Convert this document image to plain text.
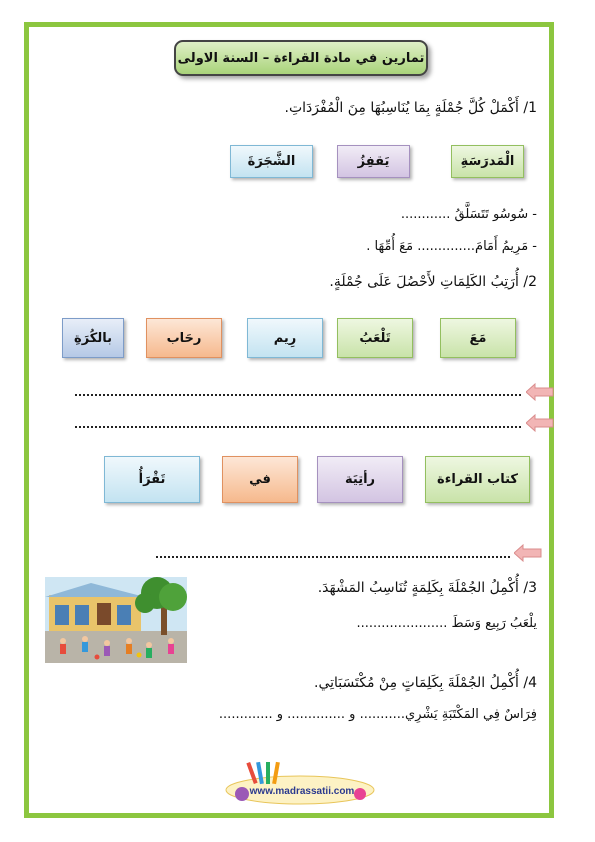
تمارين في مادة القراءة – السنة الاولى
1/ أَكْمَلْ كُلَّ جُمْلَةٍ بِمَا يُنَاسِبُهَا مِنَ الْمُفْرَدَاتِ.
الْمَدرَسَةِ
يَقفِزُ
الشَّجَرَةَ
- سُوسُو تَتَسَلَّقُ ............
- مَرِيمُ أَمَامَ.............. مَعَ أُمِّهَا .
2/ أُرَتِبُ الكَلِمَاتِ لأَحْصُلَ عَلَى جُمْلَةٍ.
مَعَ
تَلْعَبُ
رِيم
رحَاب
بالكُرَةِ
كتاب القراءة
رأتِيَة
في
تَقْرَأُ
3/ أُكْمِلُ الجُمْلَةَ بِكَلِمَةٍ تُنَاسِبُ المَشْهَدَ.
يلْعَبُ رَبِيع وَسَطَ ......................
4/ أُكْمِلُ الجُمْلَةَ بِكَلِمَاتٍ مِنْ مُكْتَسَبَاتِي.
فِرَاسٌ فِي المَكْتَبَةِ يَشْرِي........... و .............. و .............
www.madrassatii.com
